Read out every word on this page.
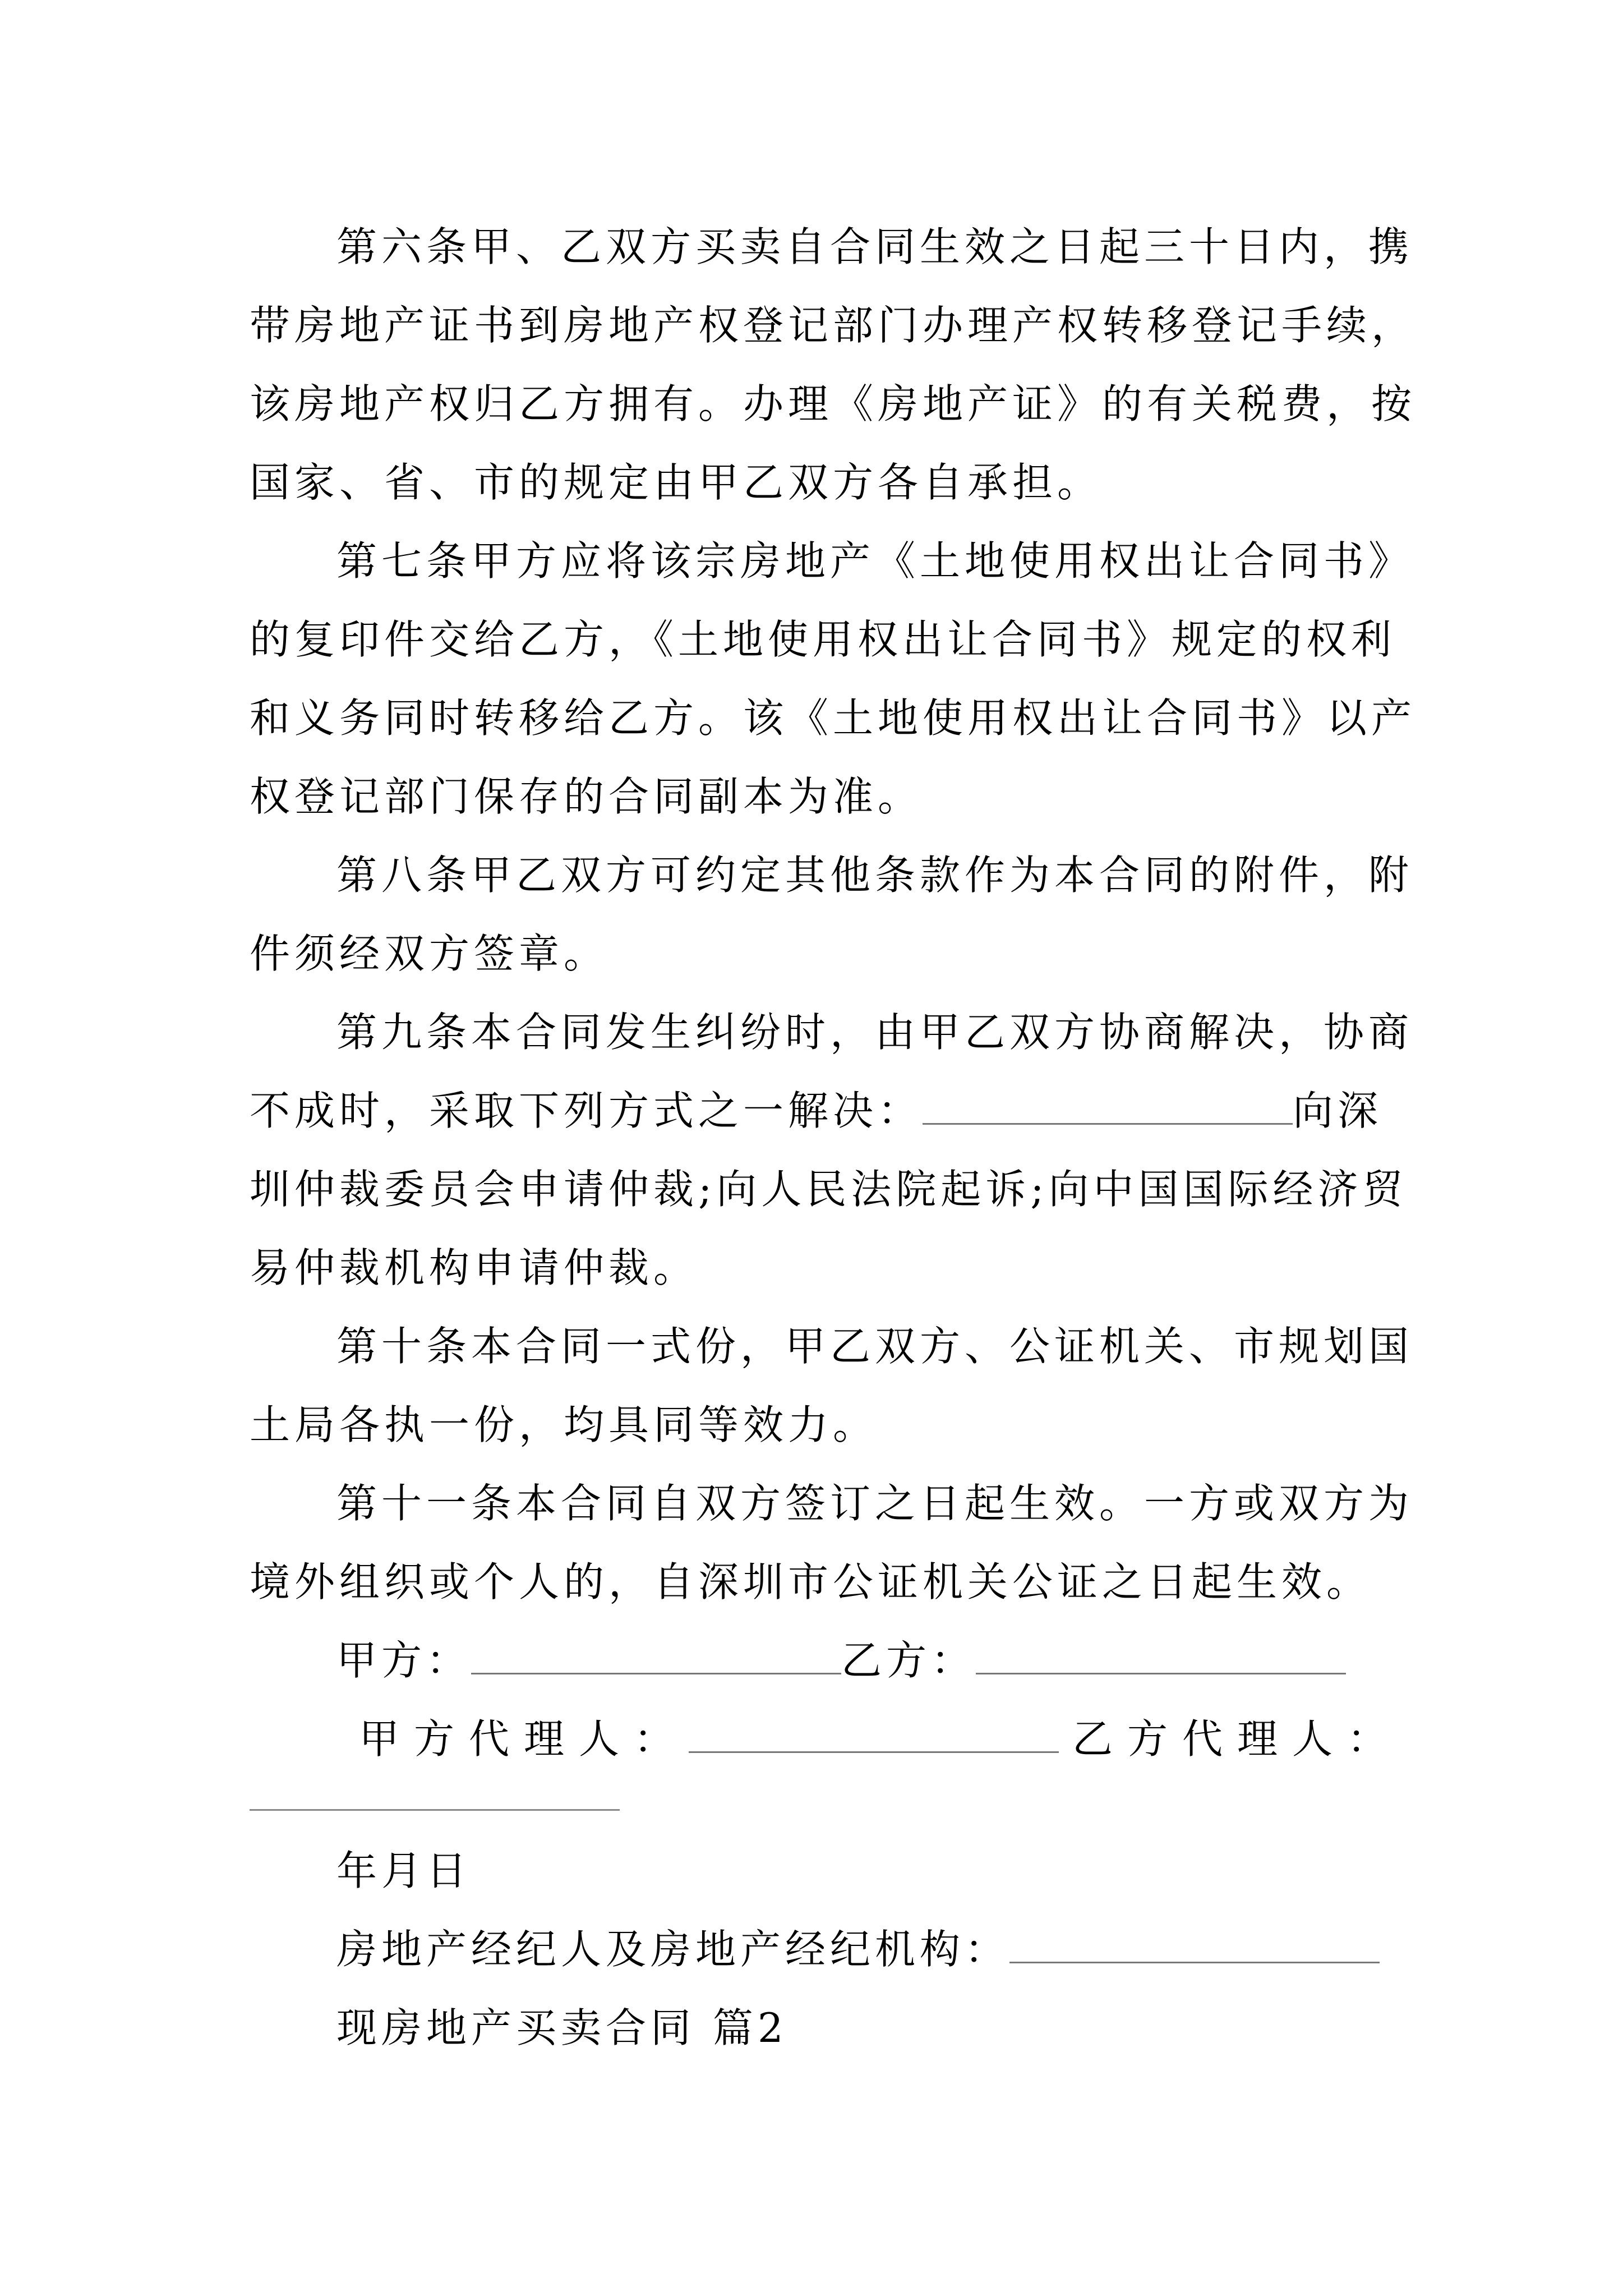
第六条甲、乙双方买卖自合同生效之日起三十日内，携
带房地产证书到房地产权登记部门办理产权转移登记手续，
该房地产权归乙方拥有。办理《房地产证》的有关税费，按
国家、省、市的规定由甲乙双方各自承担。
第七条甲方应将该宗房地产《土地使用权出让合同书》
的复印件交给乙方，《土地使用权出让合同书》规定的权利
和义务同时转移给乙方。该《土地使用权出让合同书》以产
权登记部门保存的合同副本为准。
第八条甲乙双方可约定其他条款作为本合同的附件，附
件须经双方签章。
第九条本合同发生纠纷时，由甲乙双方协商解决，协商
不成时，采取下列方式之一解决：	向深
圳仲裁委员会申请仲裁;向人民法院起诉;向中国国际经济贸
易仲裁机构申请仲裁。
第十条本合同一式份，甲乙双方、公证机关、市规划国
土局各执一份，均具同等效力。
第十一条本合同自双方签订之日起生效。一方或双方为
境外组织或个人的，自深圳市公证机关公证之日起生效。
甲方：	乙方：
甲方代理人：	乙方代理人：
年月日
房地产经纪人及房地产经纪机构：
现房地产买卖合同 篇2
